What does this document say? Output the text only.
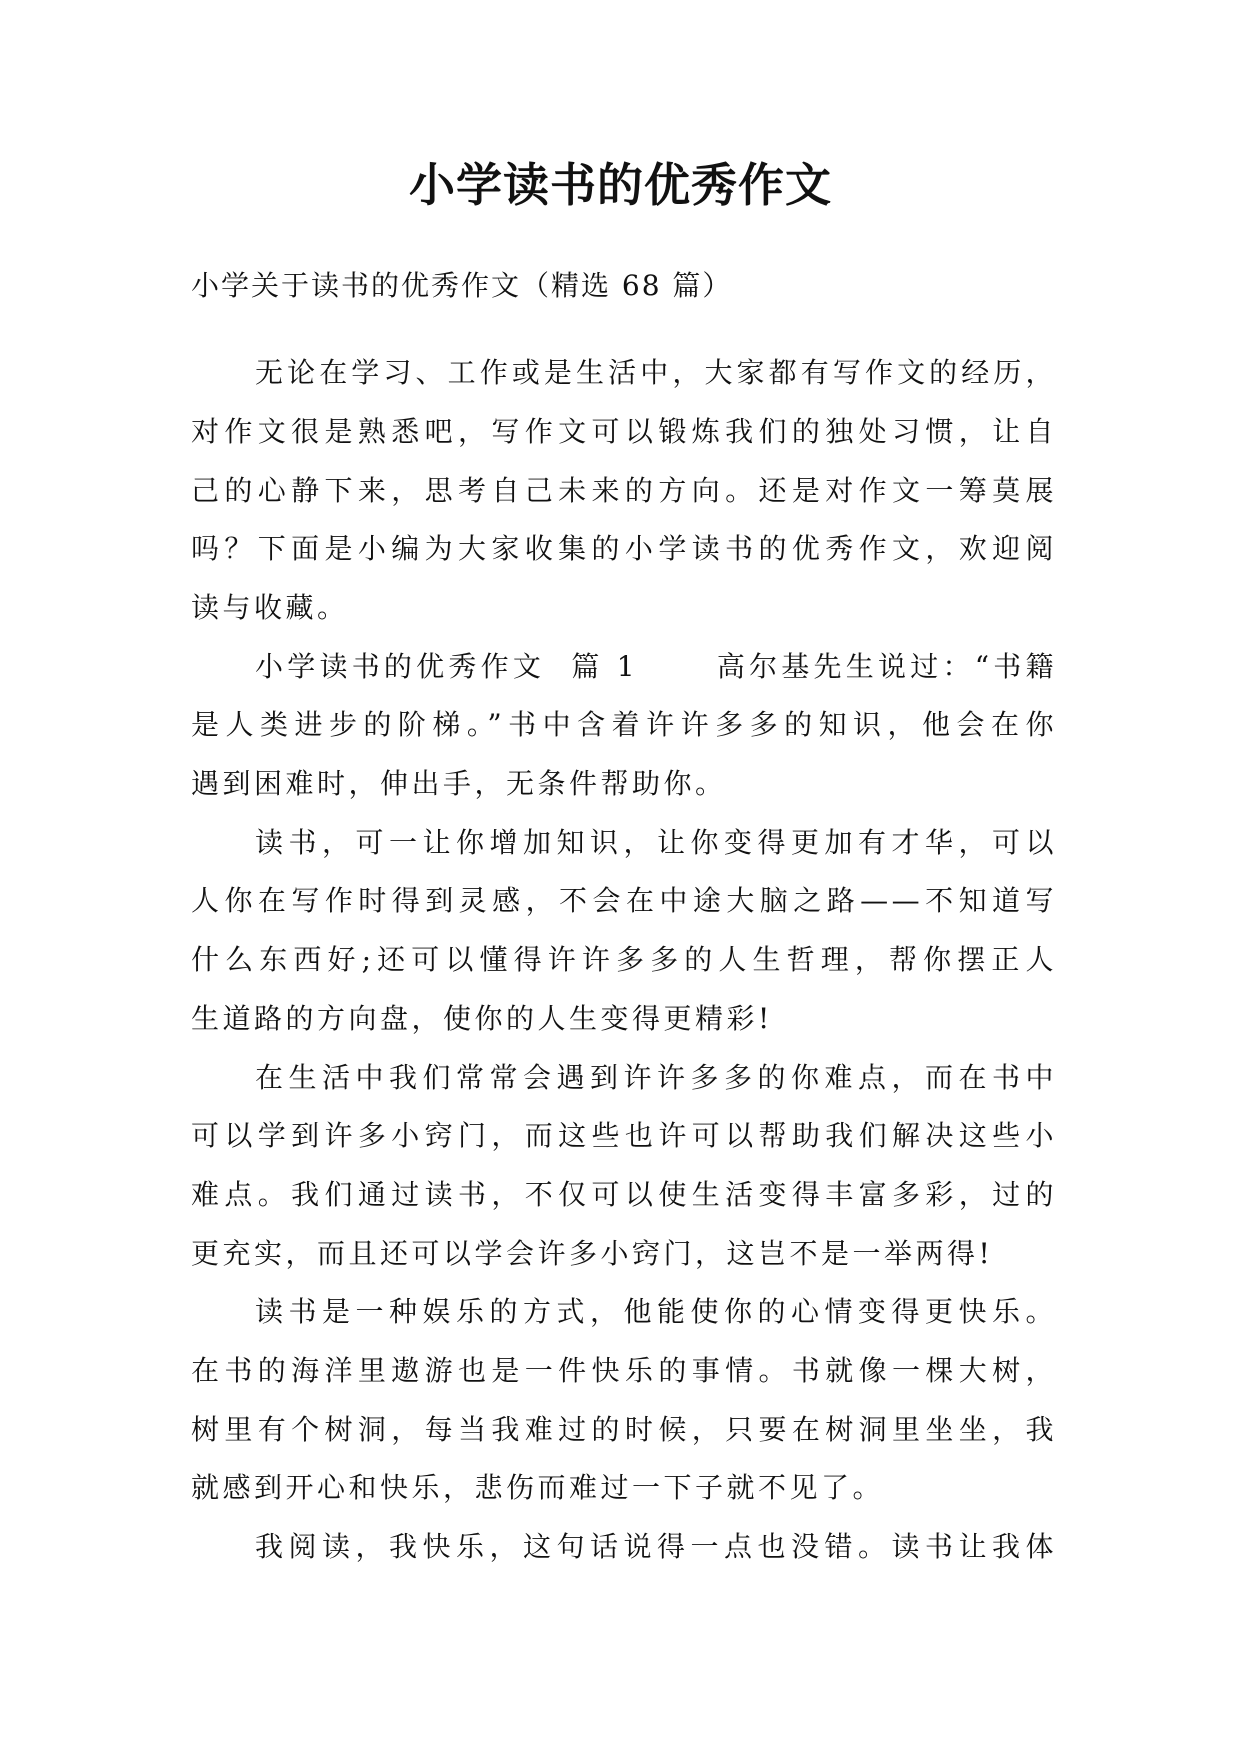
小学读书的优秀作文
小学关于读书的优秀作文（精选 68 篇）
无论在学习、工作或是生活中，大家都有写作文的经历，
对作文很是熟悉吧，写作文可以锻炼我们的独处习惯，让自
己的心静下来，思考自己未来的方向。还是对作文一筹莫展
吗？下面是小编为大家收集的小学读书的优秀作文，欢迎阅
读与收藏。
小学读书的优秀作文  篇 1      高尔基先生说过：“书籍
是人类进步的阶梯。”书中含着许许多多的知识，他会在你
遇到困难时，伸出手，无条件帮助你。
读书，可一让你增加知识，让你变得更加有才华，可以
人你在写作时得到灵感，不会在中途大脑之路——不知道写
什么东西好;还可以懂得许许多多的人生哲理，帮你摆正人
生道路的方向盘，使你的人生变得更精彩!
在生活中我们常常会遇到许许多多的你难点，而在书中
可以学到许多小窍门，而这些也许可以帮助我们解决这些小
难点。我们通过读书，不仅可以使生活变得丰富多彩，过的
更充实，而且还可以学会许多小窍门，这岂不是一举两得!
读书是一种娱乐的方式，他能使你的心情变得更快乐。
在书的海洋里遨游也是一件快乐的事情。书就像一棵大树，
树里有个树洞，每当我难过的时候，只要在树洞里坐坐，我
就感到开心和快乐，悲伤而难过一下子就不见了。
我阅读，我快乐，这句话说得一点也没错。读书让我体
